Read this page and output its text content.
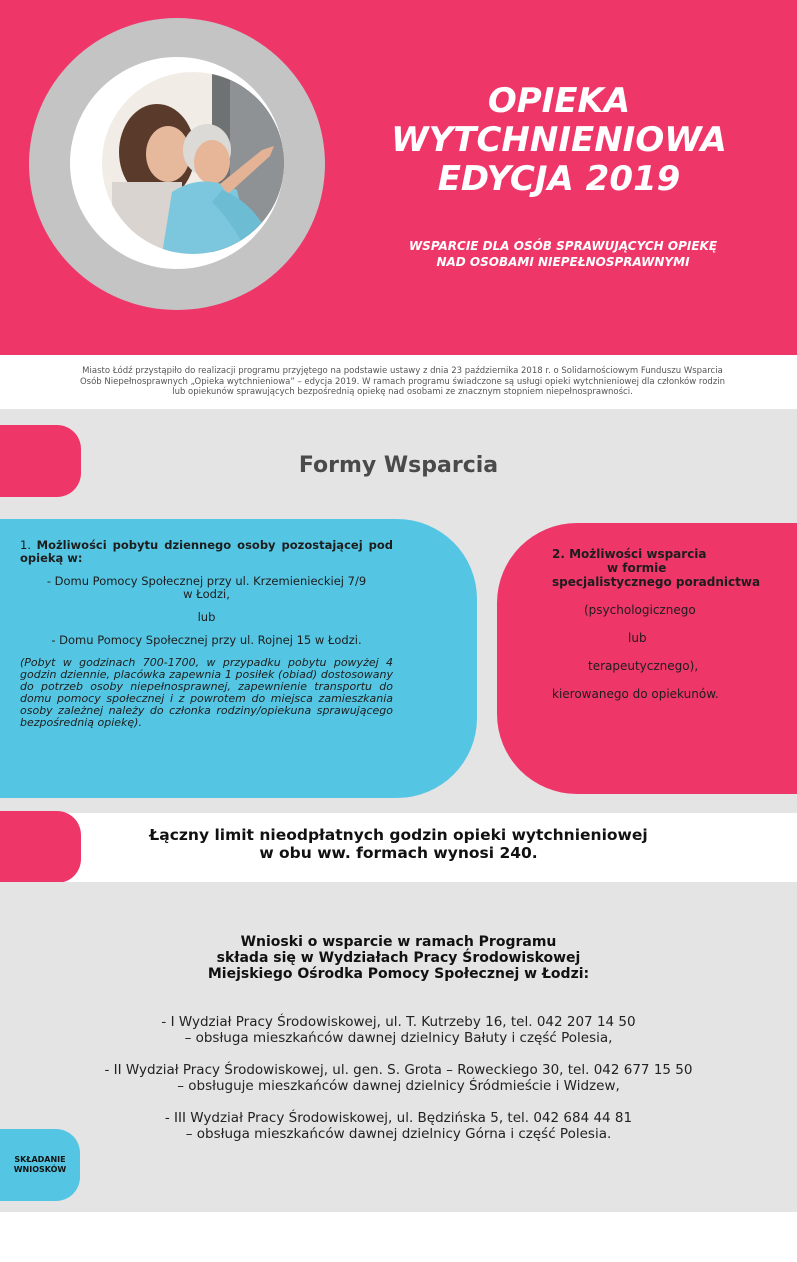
OPIEKA
WYTCHNIENIOWA
EDYCJA 2019
WSPARCIE DLA OSÓB SPRAWUJĄCYCH OPIEKĘ
NAD OSOBAMI NIEPEŁNOSPRAWNYMI
Miasto Łódź przystąpiło do realizacji programu przyjętego na podstawie ustawy z dnia 23 października 2018 r. o Solidarnościowym Funduszu Wsparcia
Osób Niepełnosprawnych „Opieka wytchnieniowa” – edycja 2019. W ramach programu świadczone są usługi opieki wytchnieniowej dla członków rodzin
lub opiekunów sprawujących bezpośrednią opiekę nad osobami ze znacznym stopniem niepełnosprawności.
Formy Wsparcia

1. Możliwości pobytu dziennego osoby pozostającej pod opieką w:

- Domu Pomocy Społecznej przy ul. Krzemienieckiej 7/9
w Łodzi,

lub

- Domu Pomocy Społecznej przy ul. Rojnej 15 w Łodzi.

(Pobyt w godzinach 700-1700, w przypadku pobytu powyżej 4 godzin dziennie, placówka zapewnia 1 posiłek (obiad) dostosowany do potrzeb osoby niepełnosprawnej, zapewnienie transportu do domu pomocy społecznej i z powrotem do miejsca zamieszkania osoby zależnej należy do członka rodziny/opiekuna sprawującego bezpośrednią opiekę).

2. Możliwości wsparcia
w formie
specjalistycznego poradnictwa
(psychologicznego
lub
terapeutycznego),
kierowanego do opiekunów.
Łączny limit nieodpłatnych godzin opieki wytchnieniowej
w obu ww. formach wynosi 240.
Wnioski o wsparcie w ramach Programu
składa się w Wydziałach Pracy Środowiskowej
Miejskiego Ośrodka Pomocy Społecznej w Łodzi:

- I Wydział Pracy Środowiskowej, ul. T. Kutrzeby 16, tel. 042 207 14 50
– obsługa mieszkańców dawnej dzielnicy Bałuty i część Polesia,

- II Wydział Pracy Środowiskowej, ul. gen. S. Grota – Roweckiego 30, tel. 042 677 15 50
– obsługuje mieszkańców dawnej dzielnicy Śródmieście i Widzew,

- III Wydział Pracy Środowiskowej, ul. Będzińska 5, tel. 042 684 44 81
– obsługa mieszkańców dawnej dzielnicy Górna i część Polesia.

SKŁADANIE
WNIOSKÓW
